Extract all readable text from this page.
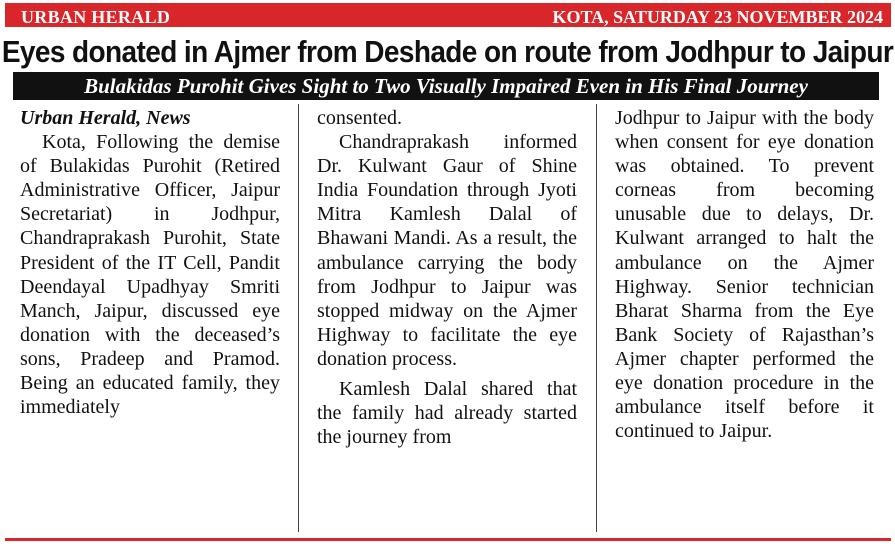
URBAN HERALD	KOTA, SATURDAY 23 NOVEMBER 2024
Eyes donated in Ajmer from Deshade on route from Jodhpur to Jaipur
Bulakidas Purohit Gives Sight to Two Visually Impaired Even in His Final Journey
Urban Herald, News

Kota, Following the demise of Bulakidas Purohit (Retired Administrative Officer, Jaipur Secretariat) in Jodhpur, Chandraprakash Purohit, State President of the IT Cell, Pandit Deendayal Upadhyay Smriti Manch, Jaipur, discussed eye donation with the deceased’s sons, Pradeep and Pramod. Being an educated family, they immediately

consented.

Chandraprakash informed Dr. Kulwant Gaur of Shine India Foundation through Jyoti Mitra Kamlesh Dalal of Bhawani Mandi. As a result, the ambulance carrying the body from Jodhpur to Jaipur was stopped midway on the Ajmer Highway to facilitate the eye donation process.

Kamlesh Dalal shared that the family had already started the journey from

Jodhpur to Jaipur with the body when consent for eye donation was obtained. To prevent corneas from becoming unusable due to delays, Dr. Kulwant arranged to halt the ambulance on the Ajmer Highway. Senior technician Bharat Sharma from the Eye Bank Society of Rajasthan’s Ajmer chapter performed the eye donation procedure in the ambulance itself before it continued to Jaipur.
